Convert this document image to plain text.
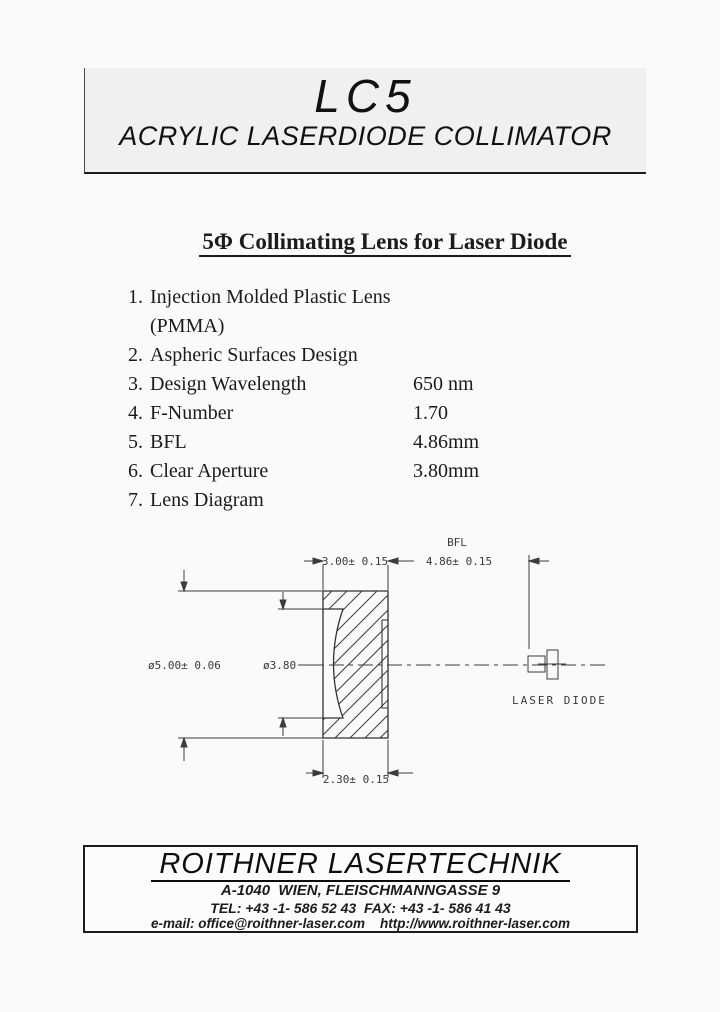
LC5
ACRYLIC LASERDIODE COLLIMATOR
5Φ Collimating Lens for Laser Diode
1. Injection Molded Plastic Lens (PMMA)
2. Aspheric Surfaces Design
3. Design Wavelength	650 nm
4. F-Number	1.70
5. BFL	4.86mm
6. Clear Aperture	3.80mm
7. Lens Diagram
3.00± 0.15
BFL
4.86± 0.15
ø5.00± 0.06	ø3.80
2.30± 0.15
LASER DIODE
ROITHNER LASERTECHNIK
A-1040  WIEN, FLEISCHMANNGASSE 9
TEL: +43 -1- 586 52 43  FAX: +43 -1- 586 41 43
e-mail: office@roithner-laser.com    http://www.roithner-laser.com
